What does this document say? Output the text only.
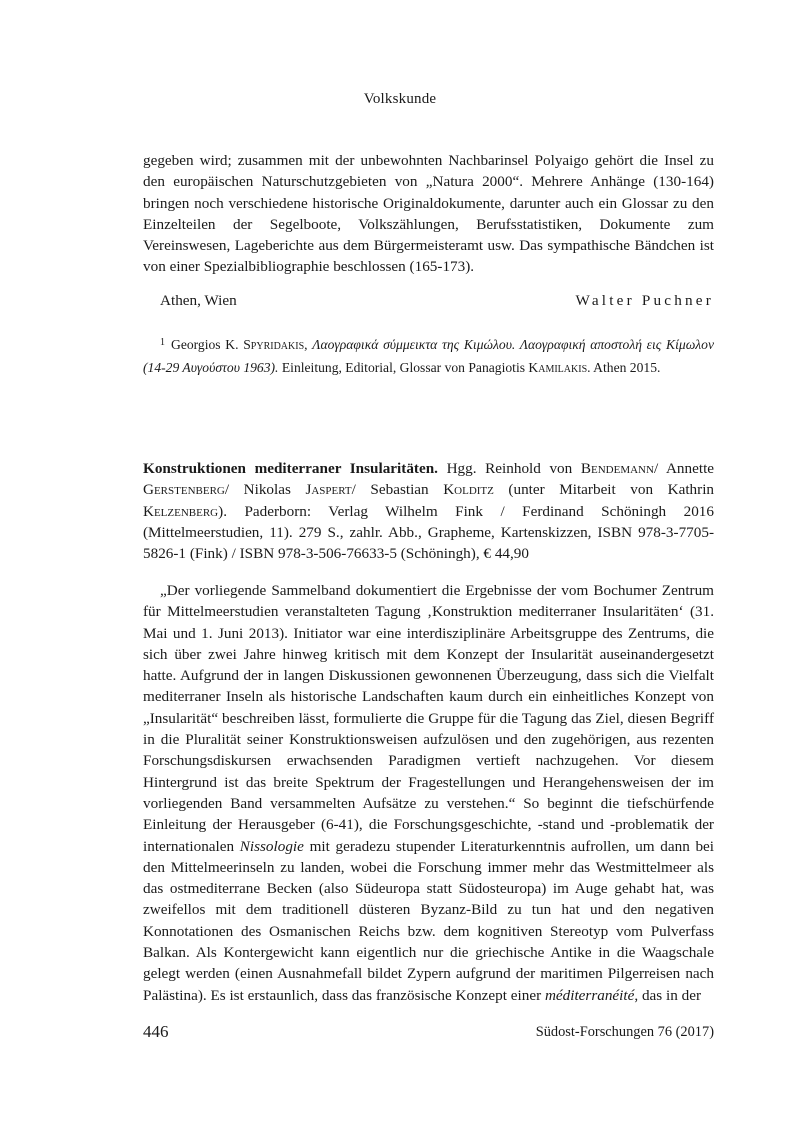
Volkskunde

gegeben wird; zusammen mit der unbewohnten Nachbarinsel Polyaigo gehört die Insel zu den europäischen Naturschutzgebieten von „Natura 2000“. Mehrere Anhänge (130-164) bringen noch verschiedene historische Originaldokumente, darunter auch ein Glossar zu den Einzelteilen der Segelboote, Volkszählungen, Berufsstatistiken, Dokumente zum Vereinswesen, Lageberichte aus dem Bürgermeisteramt usw. Das sympathische Bändchen ist von einer Spezialbibliographie beschlossen (165-173).

Athen, Wien	Walter Puchner
$^1$ Georgios K. Spyridakis, Λαογραφικά σύμμεικτα της Κιμώλου. Λαογραφική αποστολή εις Κίμωλον (14-29 Αυγούστου 1963). Einleitung, Editorial, Glossar von Panagiotis Kamilakis. Athen 2015.

Konstruktionen mediterraner Insularitäten. Hgg. Reinhold von Bendemann/ Annette Gerstenberg/ Nikolas Jaspert/ Sebastian Kolditz (unter Mitarbeit von Kathrin Kelzenberg). Paderborn: Verlag Wilhelm Fink / Ferdinand Schöningh 2016 (Mittelmeerstudien, 11). 279 S., zahlr. Abb., Grapheme, Kartenskizzen, ISBN 978-3-7705-5826-1 (Fink) / ISBN 978-3-506-76633-5 (Schöningh), € 44,90

„Der vorliegende Sammelband dokumentiert die Ergebnisse der vom Bochumer Zentrum für Mittelmeerstudien veranstalteten Tagung ‚Konstruktion mediterraner Insularitäten‘ (31. Mai und 1. Juni 2013). Initiator war eine interdisziplinäre Arbeitsgruppe des Zentrums, die sich über zwei Jahre hinweg kritisch mit dem Konzept der Insularität auseinandergesetzt hatte. Aufgrund der in langen Diskussionen gewonnenen Überzeugung, dass sich die Vielfalt mediterraner Inseln als historische Landschaften kaum durch ein einheitliches Konzept von „Insularität“ beschreiben lässt, formulierte die Gruppe für die Tagung das Ziel, diesen Begriff in die Pluralität seiner Konstruktionsweisen aufzulösen und den zugehörigen, aus rezenten Forschungsdiskursen erwachsenden Paradigmen vertieft nachzugehen. Vor diesem Hintergrund ist das breite Spektrum der Fragestellungen und Herangehensweisen der im vorliegenden Band versammelten Aufsätze zu verstehen.“ So beginnt die tiefschürfende Einleitung der Herausgeber (6-41), die Forschungsgeschichte, -stand und -problematik der internationalen Nissologie mit geradezu stupender Literaturkenntnis aufrollen, um dann bei den Mittelmeerinseln zu landen, wobei die Forschung immer mehr das Westmittelmeer als das ostmediterrane Becken (also Südeuropa statt Südosteuropa) im Auge gehabt hat, was zweifellos mit dem traditionell düsteren Byzanz-Bild zu tun hat und den negativen Konnotationen des Osmanischen Reichs bzw. dem kognitiven Stereotyp vom Pulverfass Balkan. Als Kontergewicht kann eigentlich nur die griechische Antike in die Waagschale gelegt werden (einen Ausnahmefall bildet Zypern aufgrund der maritimen Pilgerreisen nach Palästina). Es ist erstaunlich, dass das französische Konzept einer méditerranéité, das in der

446	Südost-Forschungen 76 (2017)
